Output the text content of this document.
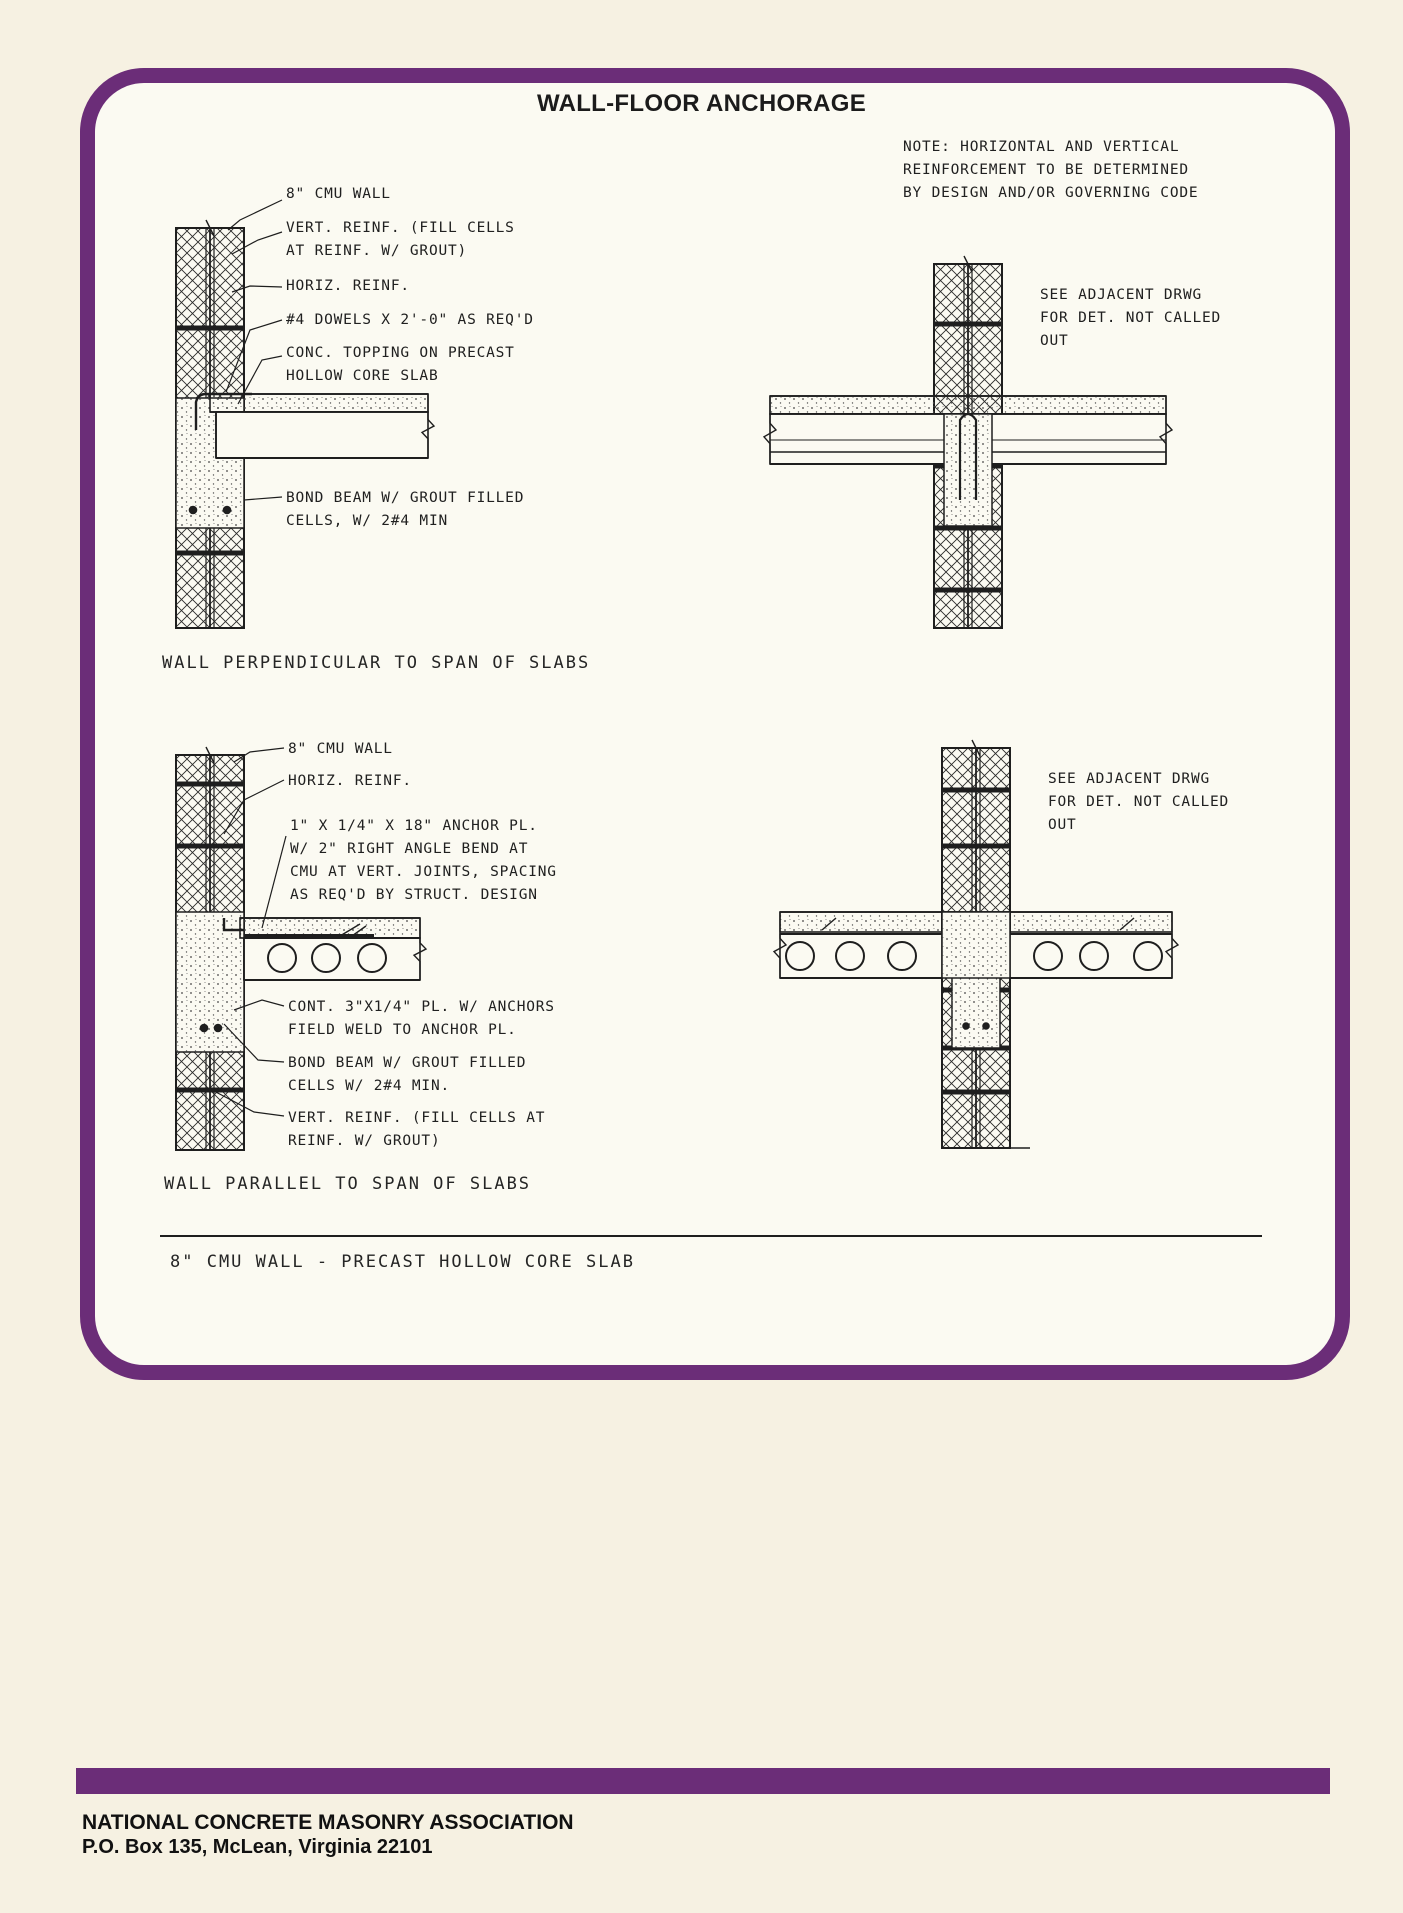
WALL-FLOOR ANCHORAGE
NOTE: HORIZONTAL AND VERTICAL
REINFORCEMENT TO BE DETERMINED
BY DESIGN AND/OR GOVERNING CODE
8" CMU WALL
VERT. REINF. (FILL CELLS
AT REINF. W/ GROUT)
HORIZ. REINF.
#4 DOWELS X 2'-0" AS REQ'D
CONC. TOPPING ON PRECAST
HOLLOW CORE SLAB
BOND BEAM W/ GROUT FILLED
CELLS, W/ 2#4 MIN
SEE ADJACENT DRWG
FOR DET. NOT CALLED
OUT
WALL PERPENDICULAR TO SPAN OF SLABS
8" CMU WALL
HORIZ. REINF.
1" X 1/4" X 18" ANCHOR PL.
W/ 2" RIGHT ANGLE BEND AT
CMU AT VERT. JOINTS, SPACING
AS REQ'D BY STRUCT. DESIGN
CONT. 3"X1/4" PL. W/ ANCHORS
FIELD WELD TO ANCHOR PL.
BOND BEAM W/ GROUT FILLED
CELLS W/ 2#4 MIN.
VERT. REINF. (FILL CELLS AT
REINF. W/ GROUT)
SEE ADJACENT DRWG
FOR DET. NOT CALLED
OUT
WALL PARALLEL TO SPAN OF SLABS
8" CMU WALL - PRECAST HOLLOW CORE SLAB
NATIONAL CONCRETE MASONRY ASSOCIATION
P.O. Box 135, McLean, Virginia 22101
